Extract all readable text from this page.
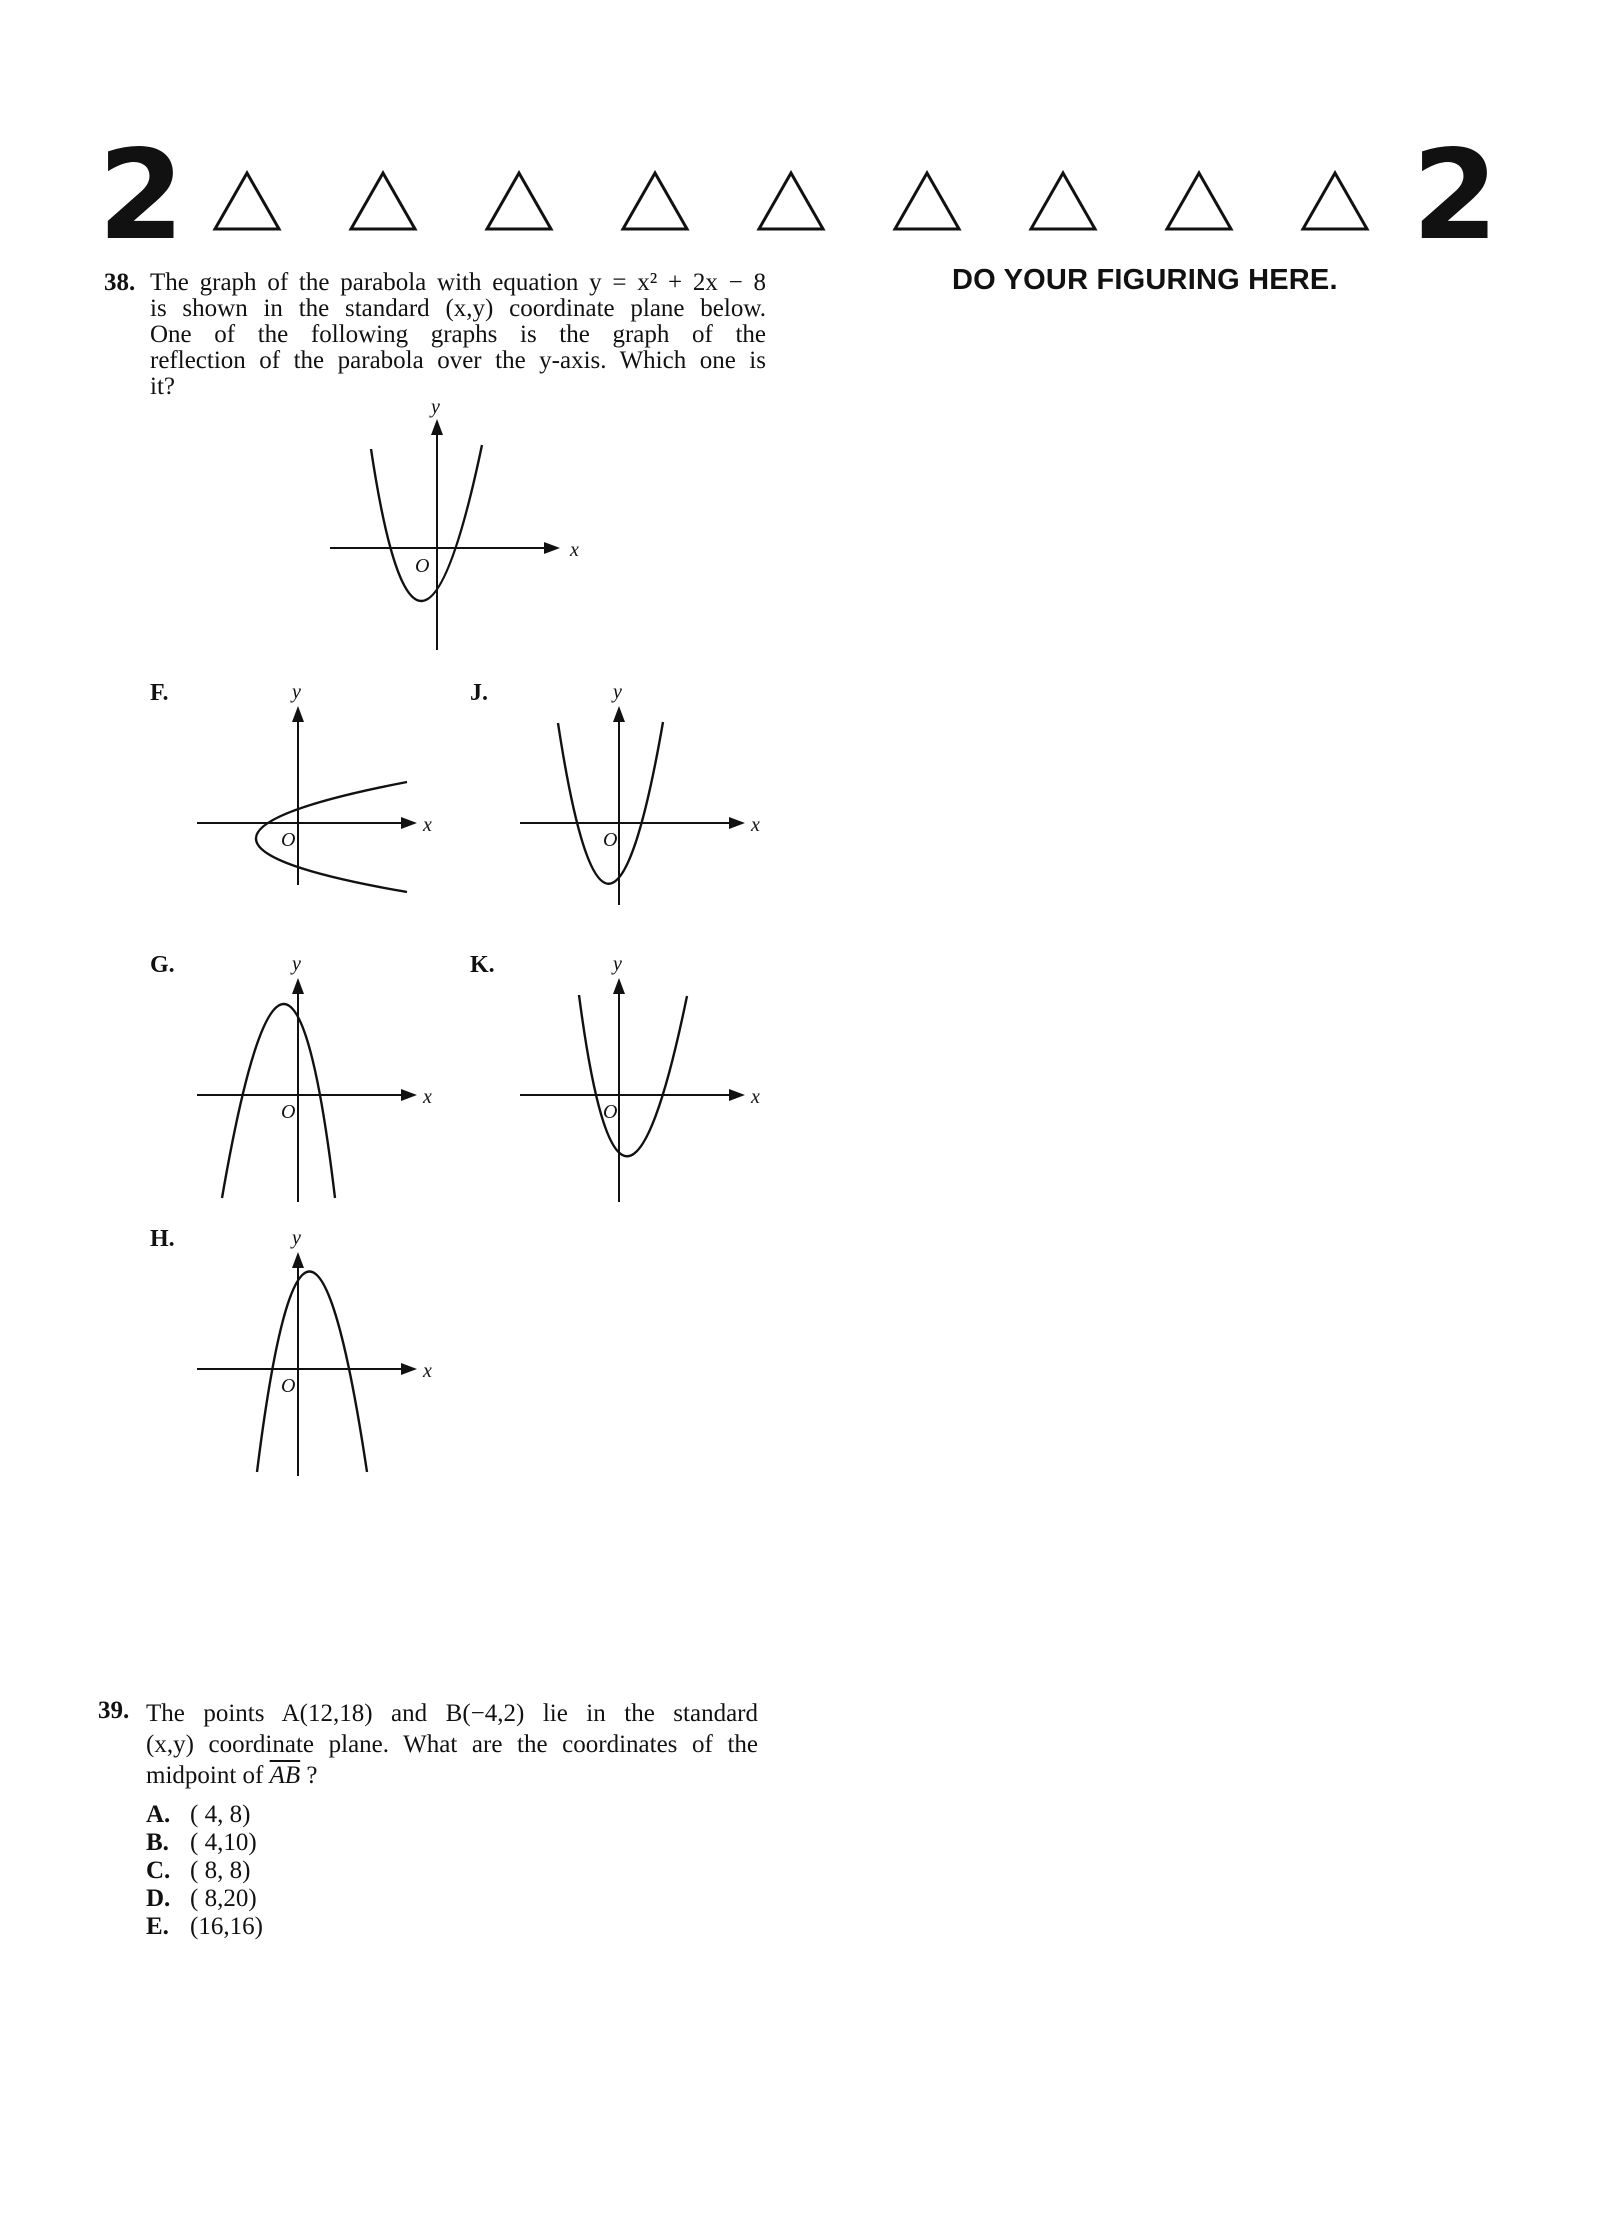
2	2
DO YOUR FIGURING HERE.
38. The graph of the parabola with equation y = x² + 2x − 8
is shown in the standard (x,y) coordinate plane below.
One of the following graphs is the graph of the
reflection of the parabola over the y-axis. Which one is
it?
x
y
O
F.
x
y
O
J.
x
y
O
G.
x
y
O
K.
x
y
O
H.
x
y
O
39. The points A(12,18) and B(−4,2) lie in the standard
(x,y) coordinate plane. What are the coordinates of the
midpoint of $\overline{AB}$ ?
A. ( 4, 8)
B. ( 4,10)
C. ( 8, 8)
D. ( 8,20)
E. (16,16)
